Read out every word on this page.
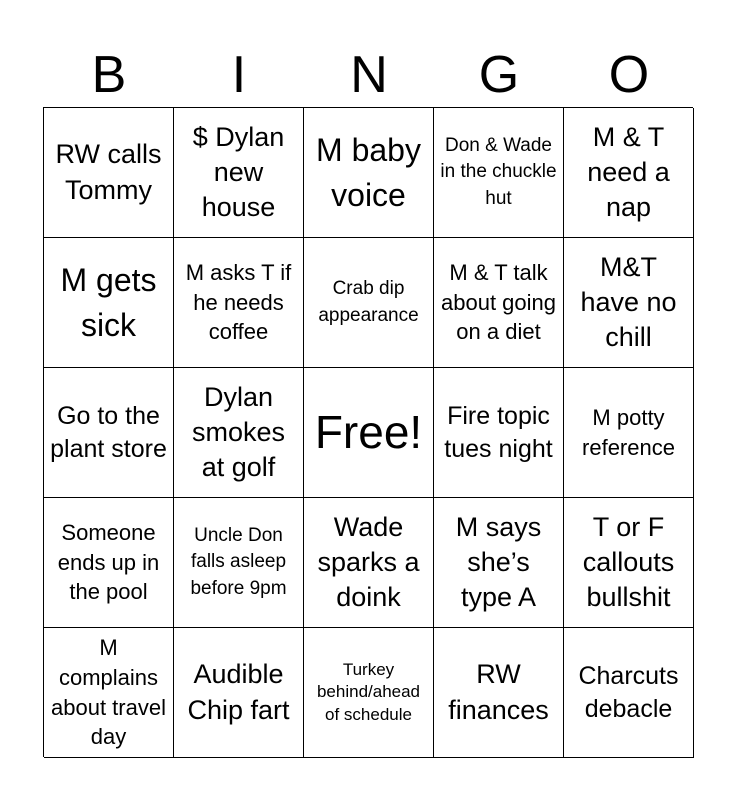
B	I	N	G	O
RW calls Tommy
$ Dylan new house
M baby voice
Don & Wade in the chuckle hut
M & T need a nap
M gets sick
M asks T if he needs coffee
Crab dip appearance
M & T talk about going on a diet
M&T have no chill
Go to the plant store
Dylan smokes at golf
Free! Fire topic tues night
M potty reference
Someone ends up in the pool
Uncle Don falls asleep before 9pm
Wade sparks a doink
M says she’s type A
T or F callouts bullshit
M complains about travel day
Audible Chip fart
Turkey behind/ahead of schedule
RW finances
Charcuts debacle
